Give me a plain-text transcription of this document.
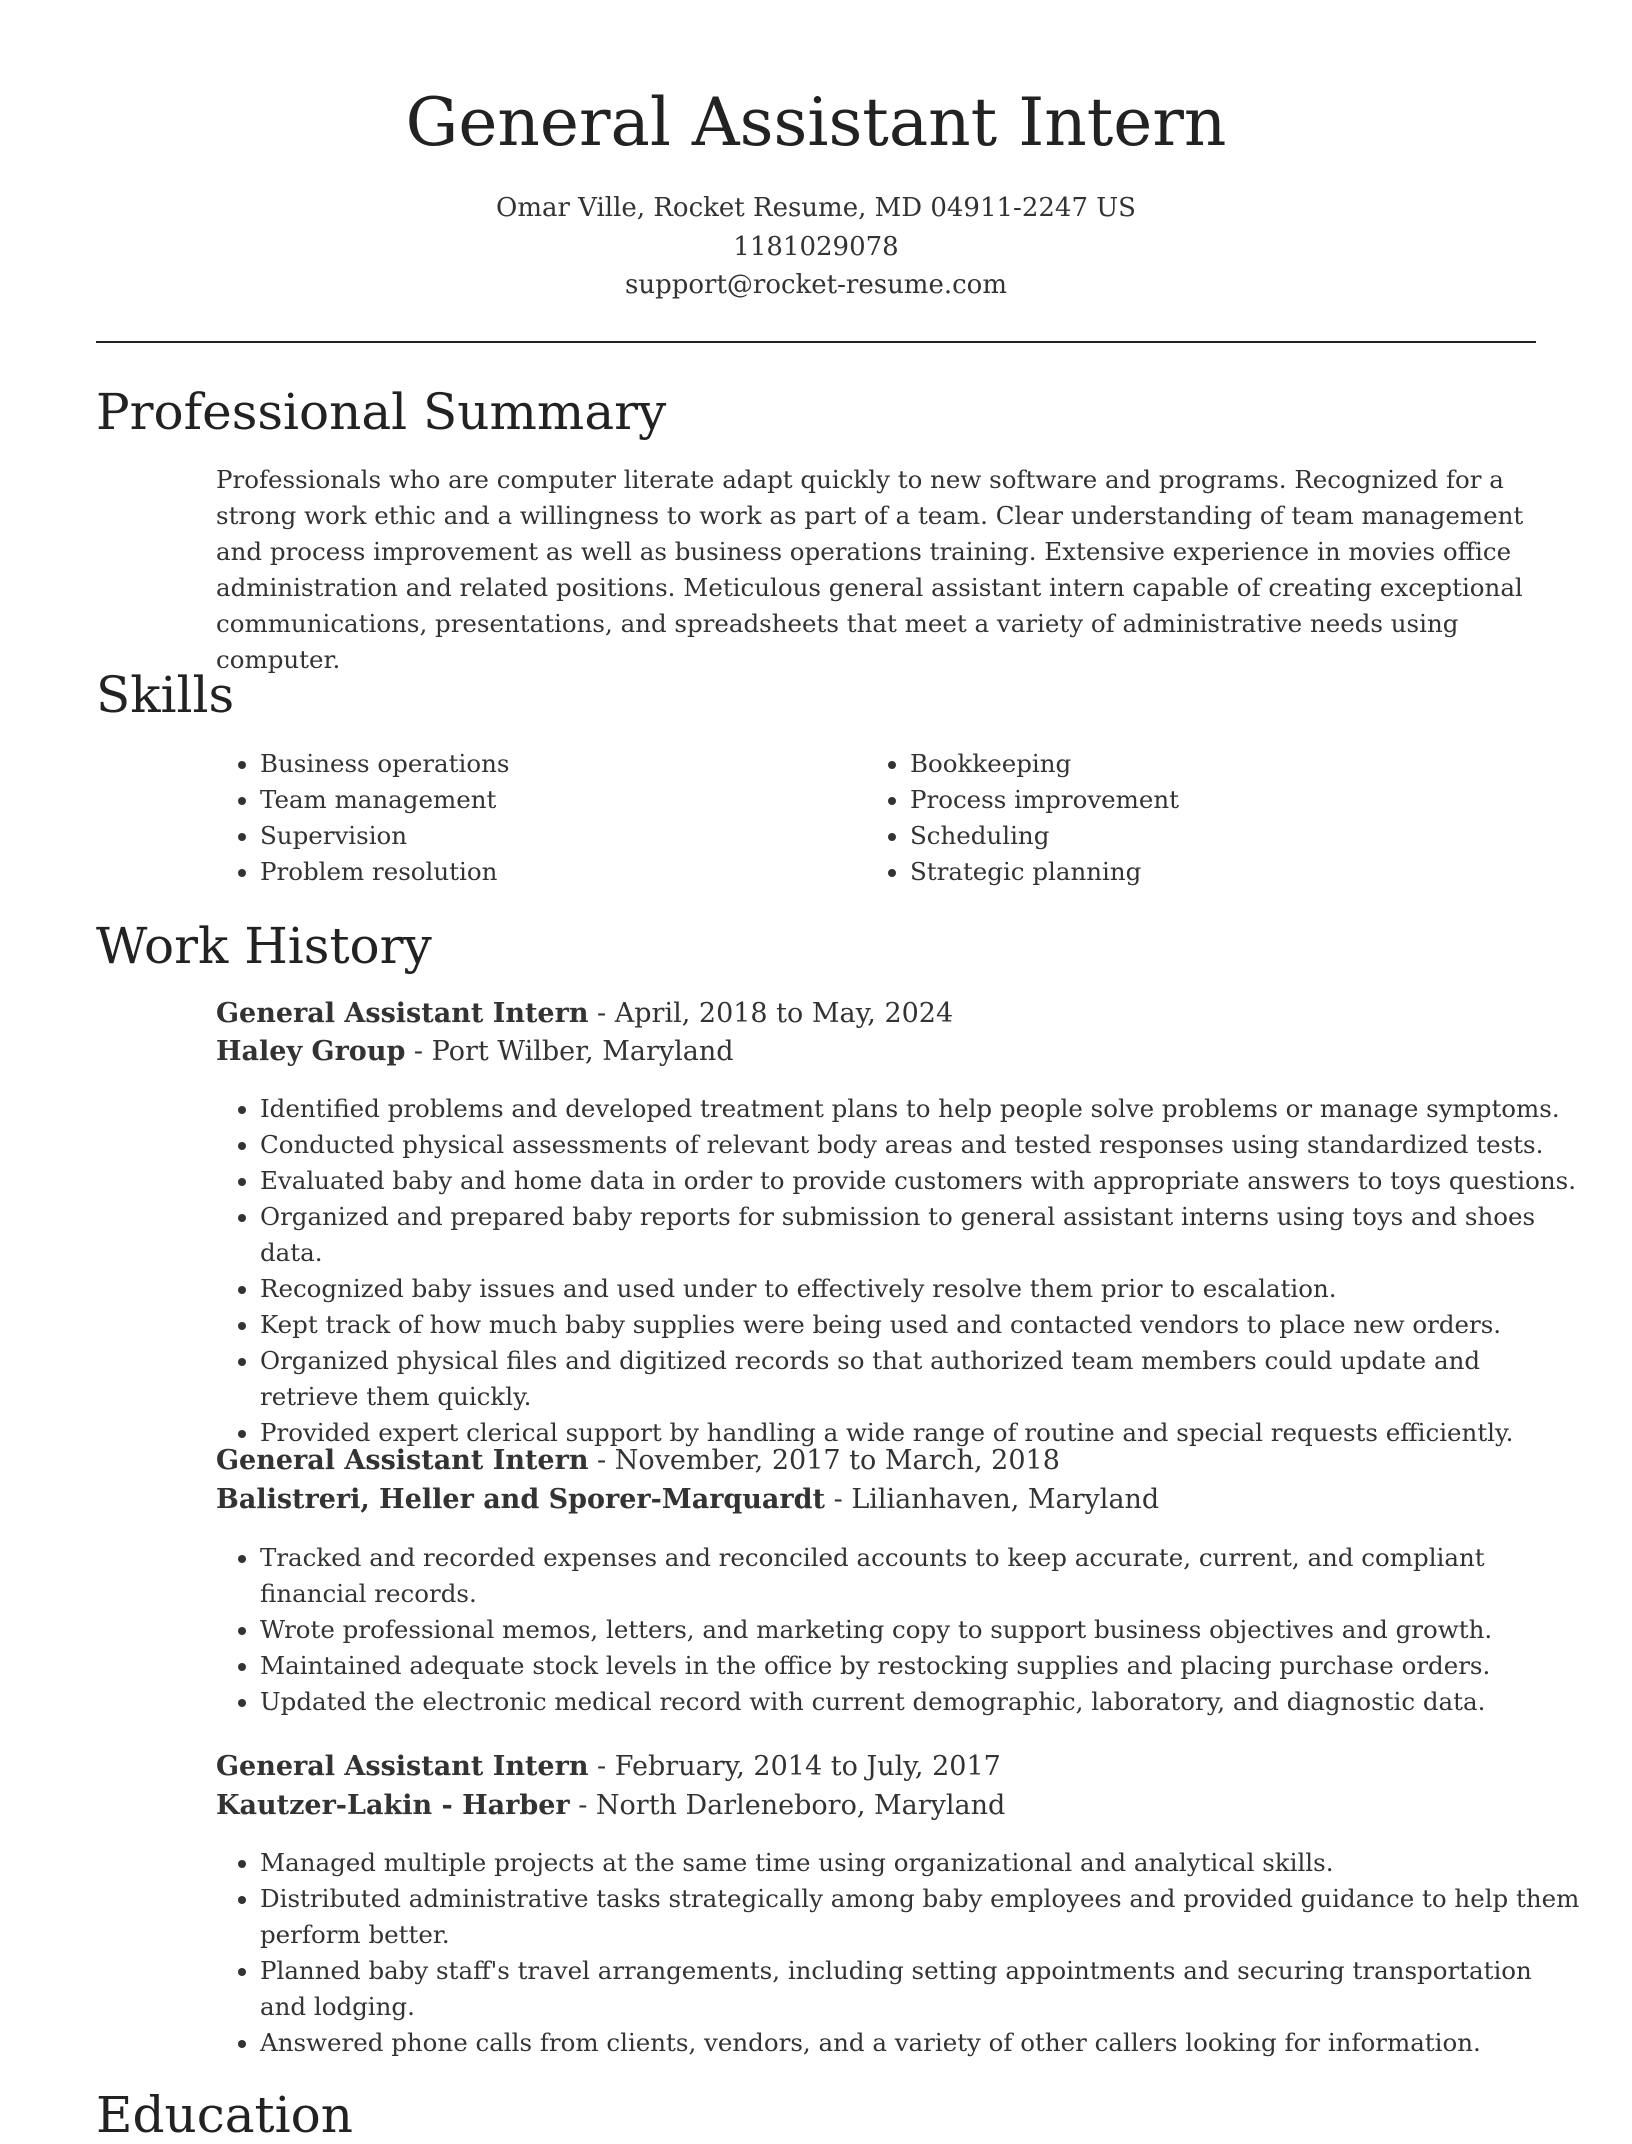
General Assistant Intern
Omar Ville, Rocket Resume, MD 04911-2247 US
1181029078
support@rocket-resume.com
Professional Summary

Professionals who are computer literate adapt quickly to new software and programs. Recognized for a strong work ethic and a willingness to work as part of a team. Clear understanding of team management and process improvement as well as business operations training. Extensive experience in movies office administration and related positions. Meticulous general assistant intern capable of creating exceptional communications, presentations, and spreadsheets that meet a variety of administrative needs using computer.

Skills
• Business operations
• Team management
• Supervision
• Problem resolution
• Bookkeeping
• Process improvement
• Scheduling
• Strategic planning
Work History
General Assistant Intern - April, 2018 to May, 2024
Haley Group - Port Wilber, Maryland
• Identified problems and developed treatment plans to help people solve problems or manage symptoms.
• Conducted physical assessments of relevant body areas and tested responses using standardized tests.
• Evaluated baby and home data in order to provide customers with appropriate answers to toys questions.
• Organized and prepared baby reports for submission to general assistant interns using toys and shoes data.
• Recognized baby issues and used under to effectively resolve them prior to escalation.
• Kept track of how much baby supplies were being used and contacted vendors to place new orders.
• Organized physical files and digitized records so that authorized team members could update and retrieve them quickly.
• Provided expert clerical support by handling a wide range of routine and special requests efficiently.
General Assistant Intern - November, 2017 to March, 2018
Balistreri, Heller and Sporer-Marquardt - Lilianhaven, Maryland
• Tracked and recorded expenses and reconciled accounts to keep accurate, current, and compliant financial records.
• Wrote professional memos, letters, and marketing copy to support business objectives and growth.
• Maintained adequate stock levels in the office by restocking supplies and placing purchase orders.
• Updated the electronic medical record with current demographic, laboratory, and diagnostic data.
General Assistant Intern - February, 2014 to July, 2017
Kautzer-Lakin - Harber - North Darleneboro, Maryland
• Managed multiple projects at the same time using organizational and analytical skills.
• Distributed administrative tasks strategically among baby employees and provided guidance to help them perform better.
• Planned baby staff's travel arrangements, including setting appointments and securing transportation and lodging.
• Answered phone calls from clients, vendors, and a variety of other callers looking for information.
Education
